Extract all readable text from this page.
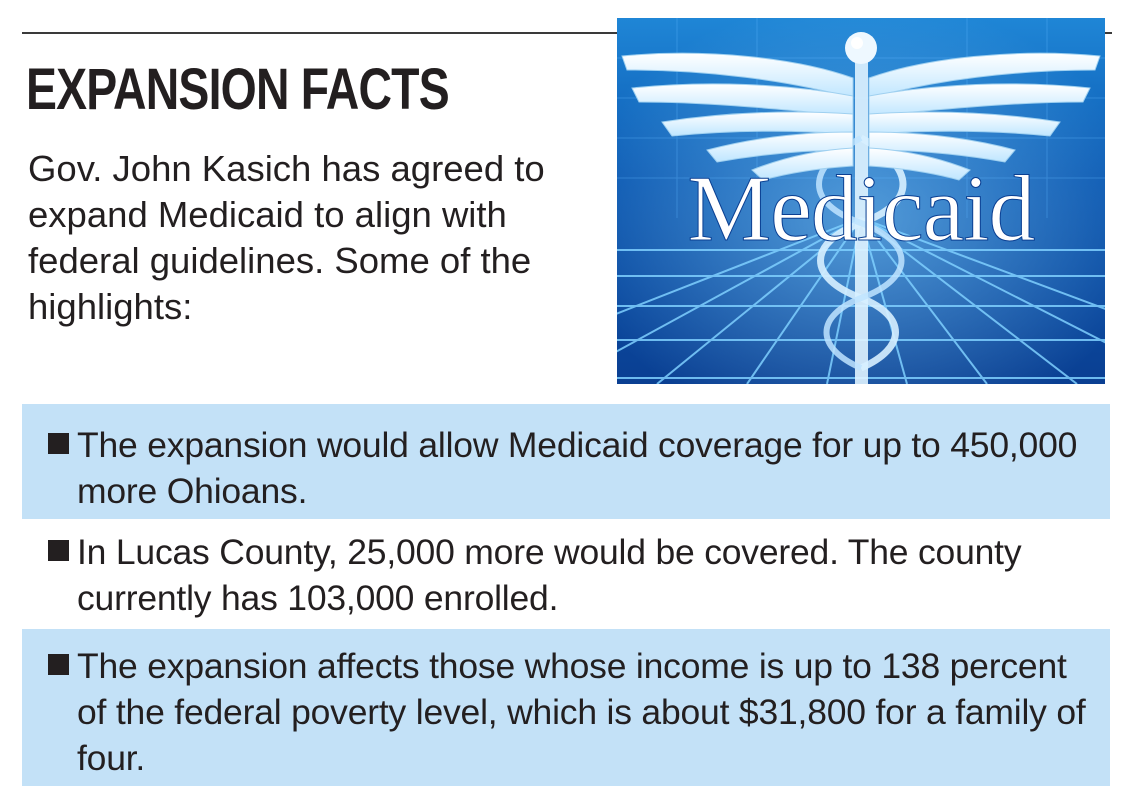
EXPANSION FACTS

Gov. John Kasich has agreed to expand Medicaid to align with federal guidelines. Some of the highlights:

Medicaid
The expansion would allow Medicaid coverage for up to 450,000 more Ohioans.
In Lucas County, 25,000 more would be covered. The county currently has 103,000 enrolled.
The expansion affects those whose income is up to 138 percent of the federal poverty level, which is about $31,800 for a family of four.
